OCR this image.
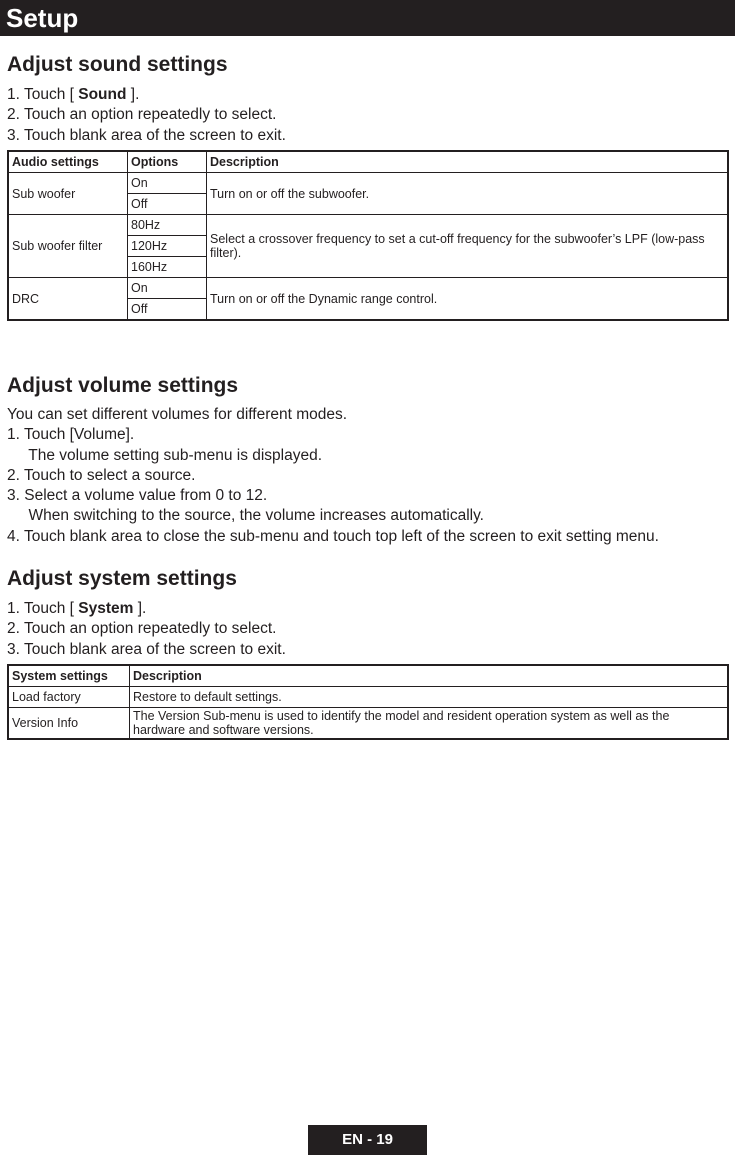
Setup
Adjust sound settings
1. Touch [ Sound ].
2. Touch an option repeatedly to select.
3. Touch blank area of the screen to exit.
Audio settings	Options	Description
Sub woofer	On	Turn on or off the subwoofer.
	Off	
Sub woofer filter	80Hz	Select a crossover frequency to set a cut-off frequency for the subwoofer’s LPF (low-pass filter).
	120Hz	
	160Hz	
DRC	On	Turn on or off the Dynamic range control.
	Off	
Adjust volume settings
You can set different volumes for different modes.
1. Touch [Volume].
The volume setting sub-menu is displayed.
2. Touch to select a source.
3. Select a volume value from 0 to 12.
When switching to the source, the volume increases automatically.
4. Touch blank area to close the sub-menu and touch top left of the screen to exit setting menu.
Adjust system settings
1. Touch [ System ].
2. Touch an option repeatedly to select.
3. Touch blank area of the screen to exit.
System settings	Description
Load factory	Restore to default settings.
Version Info	The Version Sub-menu is used to identify the model and resident operation system as well as the hardware and software versions.
EN - 19
